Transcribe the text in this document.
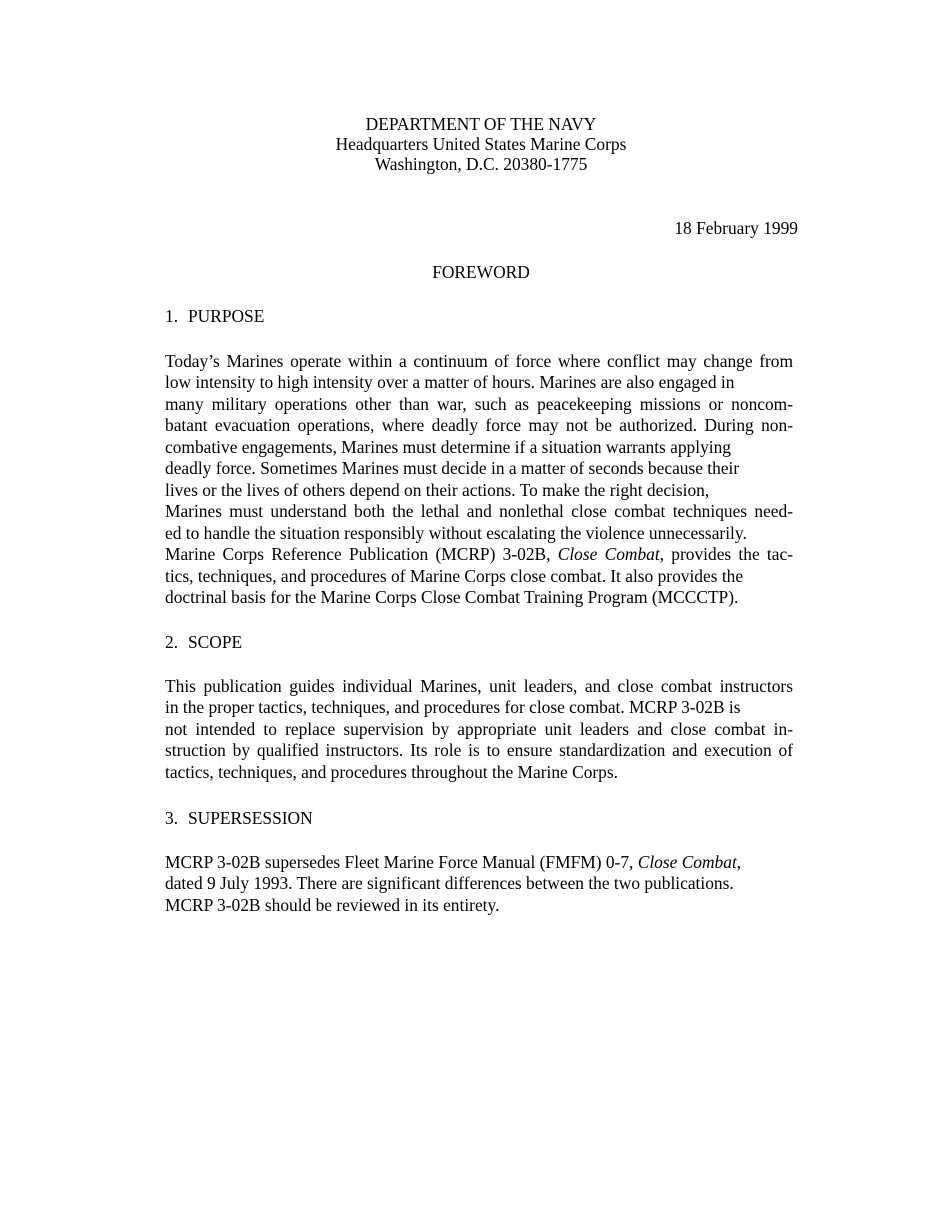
DEPARTMENT OF THE NAVY
Headquarters United States Marine Corps
Washington, D.C. 20380-1775
18 February 1999
FOREWORD
1. PURPOSE
Today’s Marines operate within a continuum of force where conflict may change from
low intensity to high intensity over a matter of hours. Marines are also engaged in
many military operations other than war, such as peacekeeping missions or noncom-
batant evacuation operations, where deadly force may not be authorized. During non-
combative engagements, Marines must determine if a situation warrants applying
deadly force. Sometimes Marines must decide in a matter of seconds because their
lives or the lives of others depend on their actions. To make the right decision,
Marines must understand both the lethal and nonlethal close combat techniques need-
ed to handle the situation responsibly without escalating the violence unnecessarily.
Marine Corps Reference Publication (MCRP) 3-02B, Close Combat, provides the tac-
tics, techniques, and procedures of Marine Corps close combat. It also provides the
doctrinal basis for the Marine Corps Close Combat Training Program (MCCCTP).
2. SCOPE
This publication guides individual Marines, unit leaders, and close combat instructors
in the proper tactics, techniques, and procedures for close combat. MCRP 3-02B is
not intended to replace supervision by appropriate unit leaders and close combat in-
struction by qualified instructors. Its role is to ensure standardization and execution of
tactics, techniques, and procedures throughout the Marine Corps.
3. SUPERSESSION
MCRP 3-02B supersedes Fleet Marine Force Manual (FMFM) 0-7, Close Combat,
dated 9 July 1993. There are significant differences between the two publications.
MCRP 3-02B should be reviewed in its entirety.
